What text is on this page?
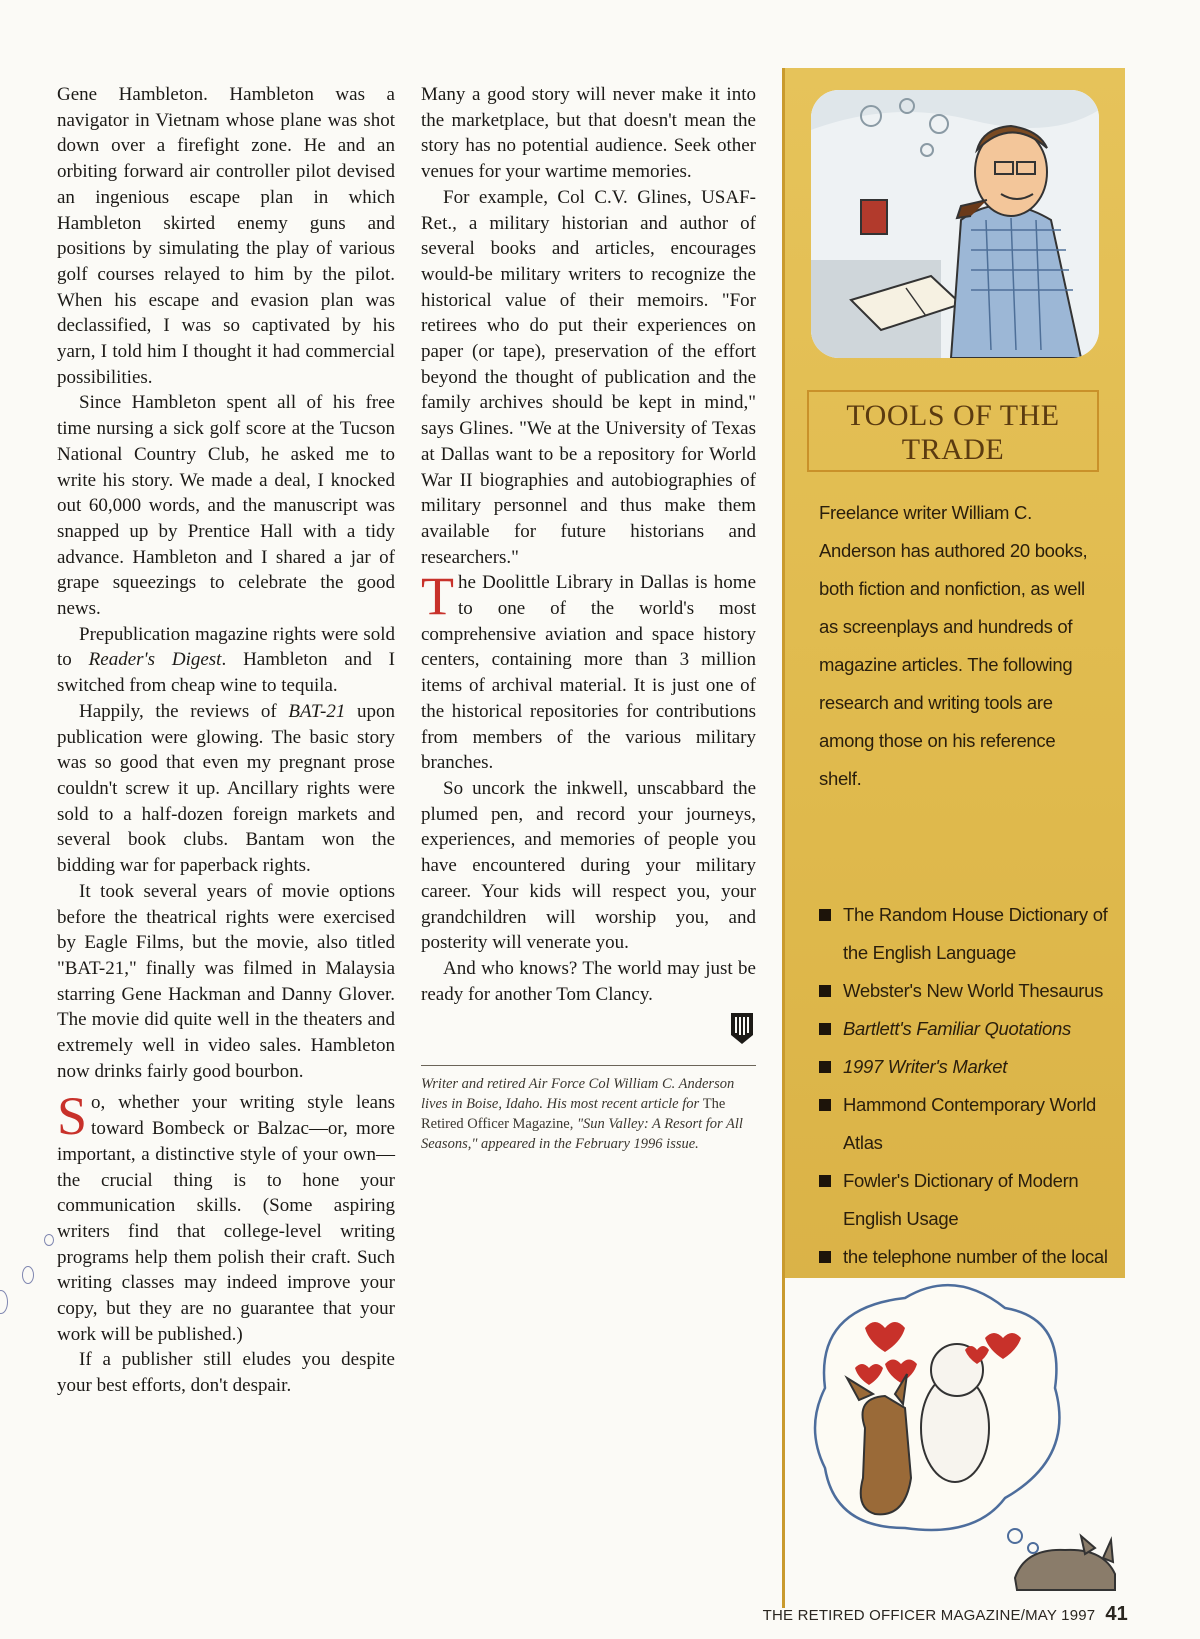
Gene Hambleton. Hambleton was a navigator in Vietnam whose plane was shot down over a firefight zone. He and an orbiting forward air controller pilot devised an ingenious escape plan in which Hambleton skirted enemy guns and positions by simulating the play of various golf courses relayed to him by the pilot. When his escape and evasion plan was declassified, I was so captivated by his yarn, I told him I thought it had commercial possibilities.

Since Hambleton spent all of his free time nursing a sick golf score at the Tucson National Country Club, he asked me to write his story. We made a deal, I knocked out 60,000 words, and the manuscript was snapped up by Prentice Hall with a tidy advance. Hambleton and I shared a jar of grape squeezings to celebrate the good news.

Prepublication magazine rights were sold to Reader's Digest. Hambleton and I switched from cheap wine to tequila.

Happily, the reviews of BAT-21 upon publication were glowing. The basic story was so good that even my pregnant prose couldn't screw it up. Ancillary rights were sold to a half-dozen foreign markets and several book clubs. Bantam won the bidding war for paperback rights.

It took several years of movie options before the theatrical rights were exercised by Eagle Films, but the movie, also titled "BAT-21," finally was filmed in Malaysia starring Gene Hackman and Danny Glover. The movie did quite well in the theaters and extremely well in video sales. Hambleton now drinks fairly good bourbon.

So, whether your writing style leans toward Bombeck or Balzac—or, more important, a distinctive style of your own—the crucial thing is to hone your communication skills. (Some aspiring writers find that college-level writing programs help them polish their craft. Such writing classes may indeed improve your copy, but they are no guarantee that your work will be published.)

If a publisher still eludes you despite your best efforts, don't despair.

Many a good story will never make it into the marketplace, but that doesn't mean the story has no potential audience. Seek other venues for your wartime memories.

For example, Col C.V. Glines, USAF-Ret., a military historian and author of several books and articles, encourages would-be military writers to recognize the historical value of their memoirs. "For retirees who do put their experiences on paper (or tape), preservation of the effort beyond the thought of publication and the family archives should be kept in mind," says Glines. "We at the University of Texas at Dallas want to be a repository for World War II biographies and autobiographies of military personnel and thus make them available for future historians and researchers."

The Doolittle Library in Dallas is home to one of the world's most comprehensive aviation and space history centers, containing more than 3 million items of archival material. It is just one of the historical repositories for contributions from members of the various military branches.

So uncork the inkwell, unscabbard the plumed pen, and record your journeys, experiences, and memories of people you have encountered during your military career. Your kids will respect you, your grandchildren will worship you, and posterity will venerate you.

And who knows? The world may just be ready for another Tom Clancy.

Writer and retired Air Force Col William C. Anderson lives in Boise, Idaho. His most recent article for The Retired Officer Magazine, "Sun Valley: A Resort for All Seasons," appeared in the February 1996 issue.
TOOLS OF THE
TRADE

Freelance writer William C. Anderson has authored 20 books, both fiction and nonfiction, as well as screenplays and hundreds of magazine articles. The following research and writing tools are among those on his reference shelf.

The Random House Dictionary of the English Language
Webster's New World Thesaurus
Bartlett's Familiar Quotations
1997 Writer's Market
Hammond Contemporary World Atlas
Fowler's Dictionary of Modern English Usage
the telephone number of the local
THE RETIRED OFFICER MAGAZINE/MAY 1997 41
